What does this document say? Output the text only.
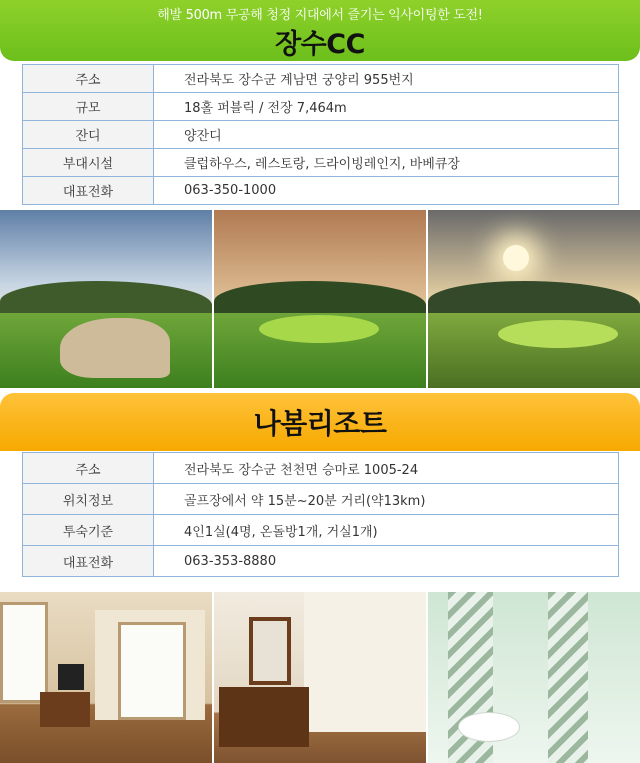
해발 500m 무공해 청정 지대에서 즐기는 익사이팅한 도전!
장수CC
주소	전라북도 장수군 계남면 궁양리 955번지
규모	18홀 퍼블릭 / 전장 7,464m
잔디	양잔디
부대시설	클럽하우스, 레스토랑, 드라이빙레인지, 바베큐장
대표전화	063-350-1000
나봄리조트
주소	전라북도 장수군 천천면 승마로 1005-24
위치정보	골프장에서 약 15분~20분 거리(약13km)
투숙기준	4인1실(4명, 온돌방1개, 거실1개)
대표전화	063-353-8880
